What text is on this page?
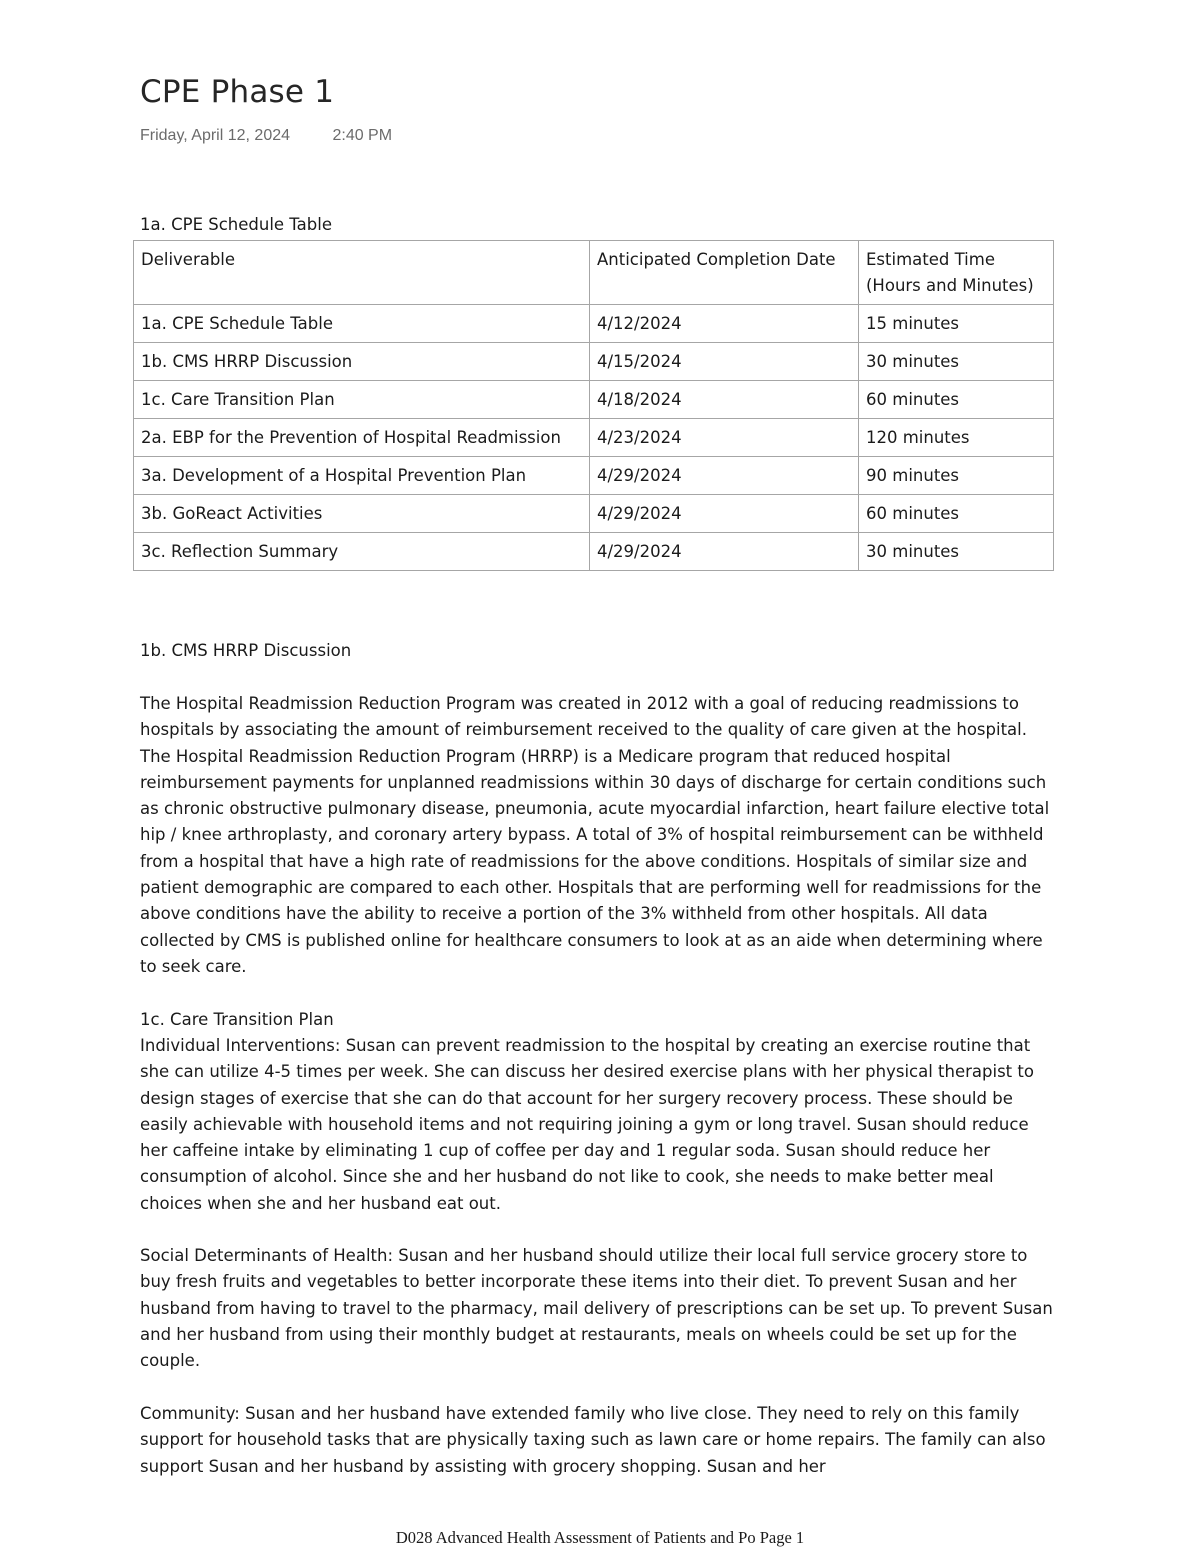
CPE Phase 1
Friday, April 12, 2024	2:40 PM
1a. CPE Schedule Table
Deliverable	Anticipated Completion Date	Estimated Time (Hours and Minutes)
1a. CPE Schedule Table	4/12/2024	15 minutes
1b. CMS HRRP Discussion	4/15/2024	30 minutes
1c. Care Transition Plan	4/18/2024	60 minutes
2a. EBP for the Prevention of Hospital Readmission	4/23/2024	120 minutes
3a. Development of a Hospital Prevention Plan	4/29/2024	90 minutes
3b. GoReact Activities	4/29/2024	60 minutes
3c. Reflection Summary	4/29/2024	30 minutes
1b. CMS HRRP Discussion

The Hospital Readmission Reduction Program was created in 2012 with a goal of reducing readmissions to hospitals by associating the amount of reimbursement received to the quality of care given at the hospital. The Hospital Readmission Reduction Program (HRRP) is a Medicare program that reduced hospital reimbursement payments for unplanned readmissions within 30 days of discharge for certain conditions such as chronic obstructive pulmonary disease, pneumonia, acute myocardial infarction, heart failure elective total hip / knee arthroplasty, and coronary artery bypass. A total of 3% of hospital reimbursement can be withheld from a hospital that have a high rate of readmissions for the above conditions. Hospitals of similar size and patient demographic are compared to each other. Hospitals that are performing well for readmissions for the above conditions have the ability to receive a portion of the 3% withheld from other hospitals. All data collected by CMS is published online for healthcare consumers to look at as an aide when determining where to seek care.

1c. Care Transition Plan

Individual Interventions: Susan can prevent readmission to the hospital by creating an exercise routine that she can utilize 4-5 times per week. She can discuss her desired exercise plans with her physical therapist to design stages of exercise that she can do that account for her surgery recovery process. These should be easily achievable with household items and not requiring joining a gym or long travel. Susan should reduce her caffeine intake by eliminating 1 cup of coffee per day and 1 regular soda. Susan should reduce her consumption of alcohol. Since she and her husband do not like to cook, she needs to make better meal choices when she and her husband eat out.

Social Determinants of Health: Susan and her husband should utilize their local full service grocery store to buy fresh fruits and vegetables to better incorporate these items into their diet. To prevent Susan and her husband from having to travel to the pharmacy, mail delivery of prescriptions can be set up. To prevent Susan and her husband from using their monthly budget at restaurants, meals on wheels could be set up for the couple.

Community: Susan and her husband have extended family who live close. They need to rely on this family support for household tasks that are physically taxing such as lawn care or home repairs. The family can also support Susan and her husband by assisting with grocery shopping. Susan and her

D028 Advanced Health Assessment of Patients and Po Page 1
